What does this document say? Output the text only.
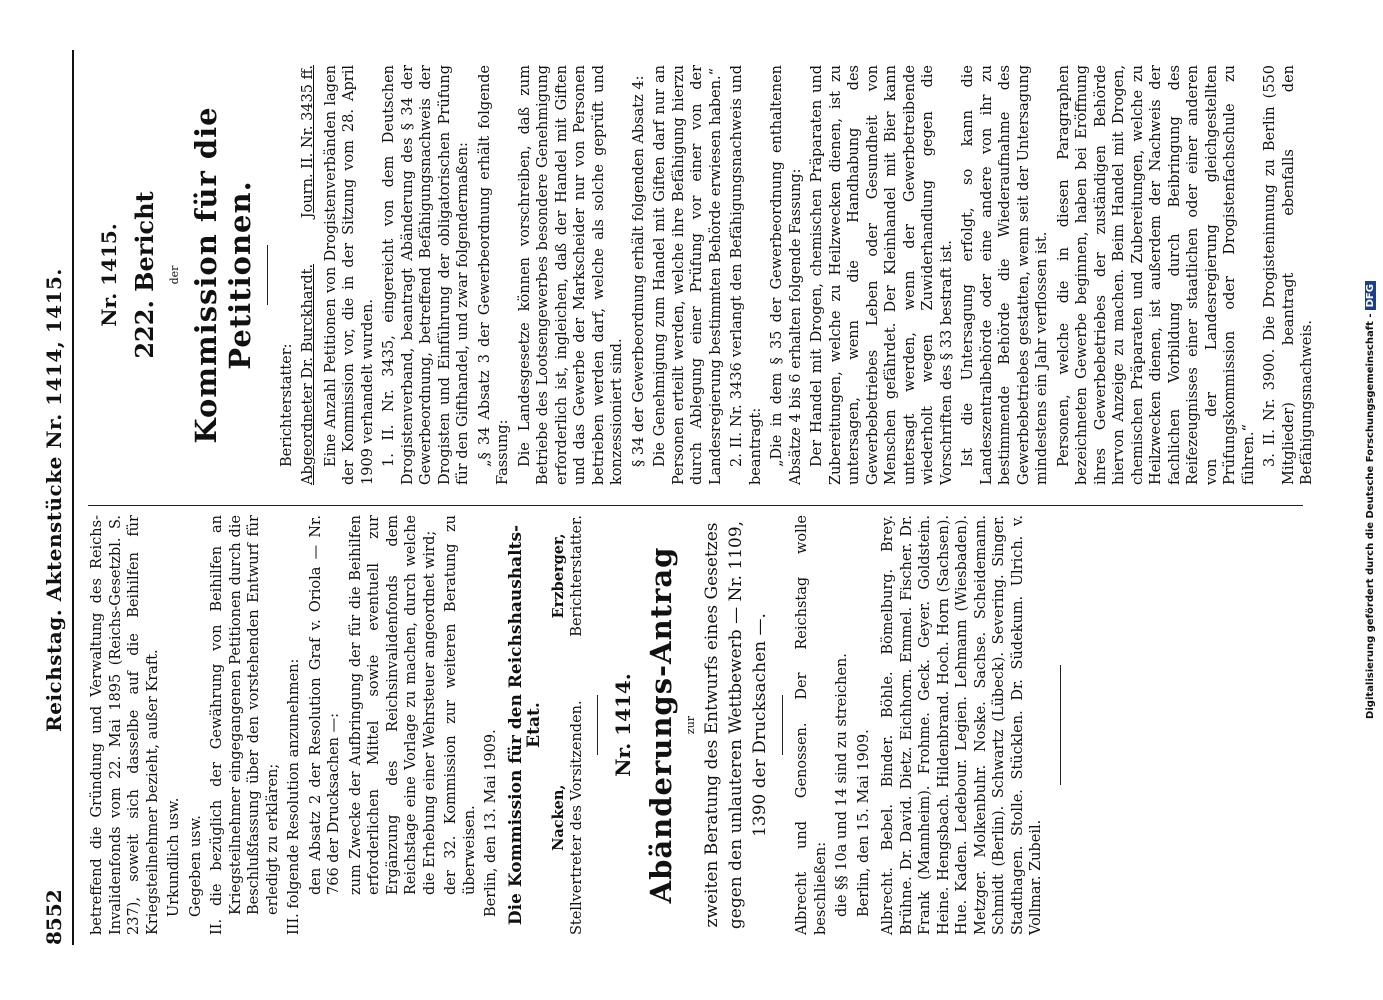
8552
Reichstag. Aktenstücke Nr. 1414, 1415. betreffend die Gründung und Verwaltung des Reichs-Invalidenfonds vom 22. Mai 1895 (Reichs-Gesetzbl. S. 237), soweit sich dasselbe auf die Beihilfen für Kriegsteilnehmer bezieht, außer Kraft. Urkundlich usw. Gegeben usw. II. die bezüglich der Gewährung von Beihilfen an Kriegsteilnehmer eingegangenen Petitionen durch die Beschlußfassung über den vorstehenden Entwurf für erledigt zu erklären; III. folgende Resolution anzunehmen: den Absatz 2 der Resolution Graf v. Oriola — Nr. 766 der Drucksachen —: zum Zwecke der Aufbringung der für die Beihilfen erforderlichen Mittel sowie eventuell zur Ergänzung des Reichsinvalidenfonds dem Reichstage eine Vorlage zu machen, durch welche die Erhebung einer Wehrsteuer angeordnet wird; der 32. Kommission zur weiteren Beratung zu überweisen. Berlin, den 13. Mai 1909. Die Kommission für den Reichshaushalts-Etat.

Nacken, Stellvertreter des Vorsitzenden.
Erzberger, Berichterstatter.
Nr. 1414. Abänderungs-Antrag zur zweiten Beratung des Entwurfs eines Gesetzes gegen den unlauteren Wettbewerb — Nr. 1109, 1390 der Drucksachen —. Albrecht und Genossen. Der Reichstag wolle beschließen: die §§ 10a und 14 sind zu streichen. Berlin, den 15. Mai 1909. Albrecht. Bebel. Binder. Böhle. Bömelburg. Brey. Brühne. Dr. David. Dietz. Eichhorn. Emmel. Fischer. Dr. Frank (Mannheim). Frohme. Geck. Geyer. Goldstein. Heine. Hengsbach. Hildenbrand. Hoch. Horn (Sachsen). Hue. Kaden. Ledebour. Legien. Lehmann (Wiesbaden). Metzger. Molkenbuhr. Noske. Sachse. Scheidemann. Schmidt (Berlin). Schwartz (Lübeck). Severing. Singer. Stadthagen. Stolle. Stücklen. Dr. Südekum. Ulrich. v. Vollmar. Zubeil.

Nr. 1415. 222. Bericht der Kommission für die Petitionen.

Berichterstatter: Abgeordneter Dr. Burckhardt.
Journ. II. Nr. 3435 ff. Eine Anzahl Petitionen von Drogistenverbänden lagen der Kommission vor, die in der Sitzung vom 28. April 1909 verhandelt wurden. 1. II. Nr. 3435, eingereicht von dem Deutschen Drogistenverband, beantragt Abänderung des § 34 der Gewerbeordnung, betreffend Befähigungsnachweis der Drogisten und Einführung der obligatorischen Prüfung für den Gifthandel, und zwar folgendermaßen: „§ 34 Absatz 3 der Gewerbeordnung erhält folgende Fassung: Die Landesgesetze können vorschreiben, daß zum Betriebe des Lootsengewerbes besondere Genehmigung erforderlich ist, ingleichen, daß der Handel mit Giften und das Gewerbe der Markscheider nur von Personen betrieben werden darf, welche als solche geprüft und konzessioniert sind. § 34 der Gewerbeordnung erhält folgenden Absatz 4: Die Genehmigung zum Handel mit Giften darf nur an Personen erteilt werden, welche ihre Befähigung hierzu durch Ablegung einer Prüfung vor einer von der Landesregierung bestimmten Behörde erwiesen haben.“ 2. II. Nr. 3436 verlangt den Befähigungsnachweis und beantragt: „Die in dem § 35 der Gewerbeordnung enthaltenen Absätze 4 bis 6 erhalten folgende Fassung: Der Handel mit Drogen, chemischen Präparaten und Zubereitungen, welche zu Heilzwecken dienen, ist zu untersagen, wenn die Handhabung des Gewerbebetriebes Leben oder Gesundheit von Menschen gefährdet. Der Kleinhandel mit Bier kann untersagt werden, wenn der Gewerbetreibende wiederholt wegen Zuwiderhandlung gegen die Vorschriften des § 33 bestraft ist. Ist die Untersagung erfolgt, so kann die Landeszentralbehörde oder eine andere von ihr zu bestimmende Behörde die Wiederaufnahme des Gewerbebetriebes gestatten, wenn seit der Untersagung mindestens ein Jahr verflossen ist. Personen, welche die in diesen Paragraphen bezeichneten Gewerbe beginnen, haben bei Eröffnung ihres Gewerbebetriebes der zuständigen Behörde hiervon Anzeige zu machen. Beim Handel mit Drogen, chemischen Präparaten und Zubereitungen, welche zu Heilzwecken dienen, ist außerdem der Nachweis der fachlichen Vorbildung durch Beibringung des Reifezeugnisses einer staatlichen oder einer anderen von der Landesregierung gleichgestellten Prüfungskommission oder Drogistenfachschule zu führen.“ 3. II. Nr. 3900. Die Drogisteninnung zu Berlin (550 Mitglieder) beantragt ebenfalls den Befähigungsnachweis.	Digitalisierung gefördert durch die Deutsche Forschungsgemeinschaft -DFG
